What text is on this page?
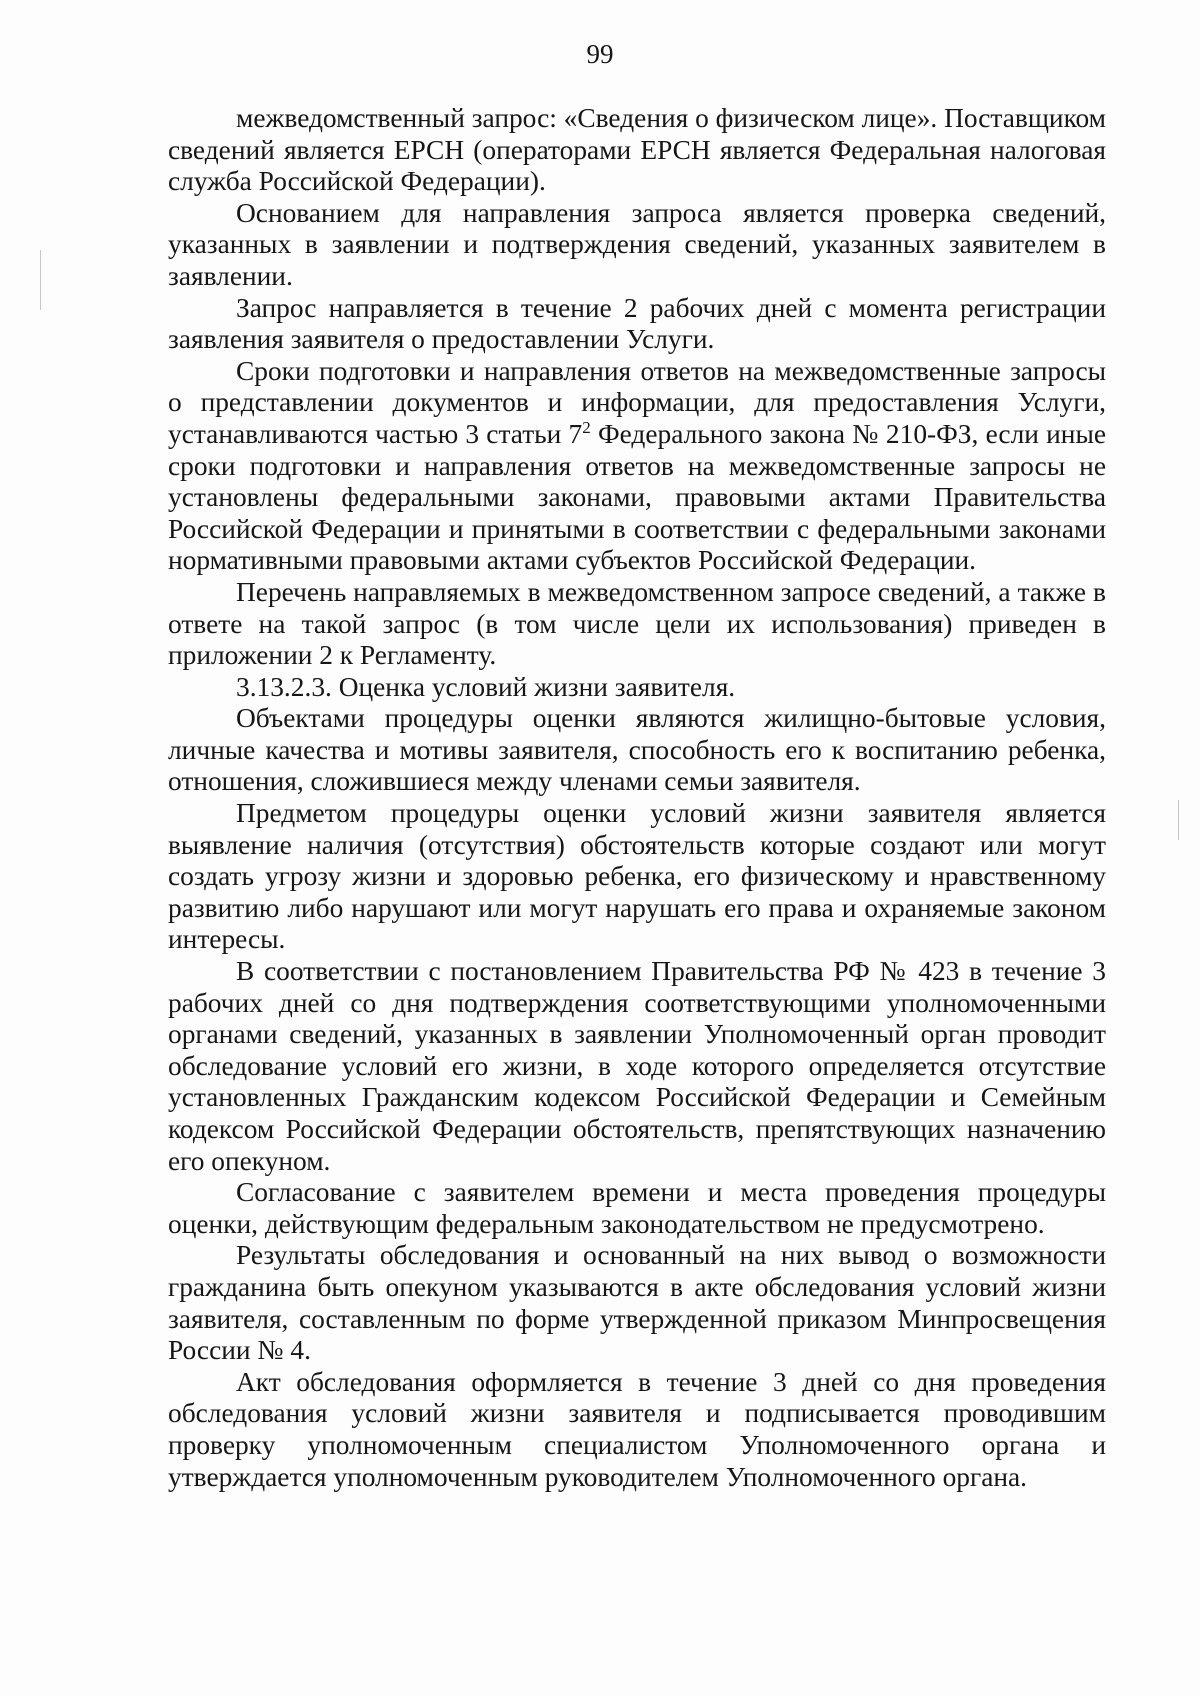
99

межведомственный запрос: «Сведения о физическом лице». Поставщиком сведений является ЕРСН (операторами ЕРСН является Федеральная налоговая служба Российской Федерации).

Основанием для направления запроса является проверка сведений, указанных в заявлении и подтверждения сведений, указанных заявителем в заявлении.

Запрос направляется в течение 2 рабочих дней с момента регистрации заявления заявителя о предоставлении Услуги.

Сроки подготовки и направления ответов на межведомственные запросы о представлении документов и информации, для предоставления Услуги, устанавливаются частью 3 статьи $7^2$ Федерального закона № 210-ФЗ, если иные сроки подготовки и направления ответов на межведомственные запросы не установлены федеральными законами, правовыми актами Правительства Российской Федерации и принятыми в соответствии с федеральными законами нормативными правовыми актами субъектов Российской Федерации.

Перечень направляемых в межведомственном запросе сведений, а также в ответе на такой запрос (в том числе цели их использования) приведен в приложении 2 к Регламенту.

3.13.2.3. Оценка условий жизни заявителя.

Объектами процедуры оценки являются жилищно-бытовые условия, личные качества и мотивы заявителя, способность его к воспитанию ребенка, отношения, сложившиеся между членами семьи заявителя.

Предметом процедуры оценки условий жизни заявителя является выявление наличия (отсутствия) обстоятельств которые создают или могут создать угрозу жизни и здоровью ребенка, его физическому и нравственному развитию либо нарушают или могут нарушать его права и охраняемые законом интересы.

В соответствии с постановлением Правительства РФ № 423 в течение 3 рабочих дней со дня подтверждения соответствующими уполномоченными органами сведений, указанных в заявлении Уполномоченный орган проводит обследование условий его жизни, в ходе которого определяется отсутствие установленных Гражданским кодексом Российской Федерации и Семейным кодексом Российской Федерации обстоятельств, препятствующих назначению его опекуном.

Согласование с заявителем времени и места проведения процедуры оценки, действующим федеральным законодательством не предусмотрено.

Результаты обследования и основанный на них вывод о возможности гражданина быть опекуном указываются в акте обследования условий жизни заявителя, составленным по форме утвержденной приказом Минпросвещения России № 4.

Акт обследования оформляется в течение 3 дней со дня проведения обследования условий жизни заявителя и подписывается проводившим проверку уполномоченным специалистом Уполномоченного органа и утверждается уполномоченным руководителем Уполномоченного органа.
